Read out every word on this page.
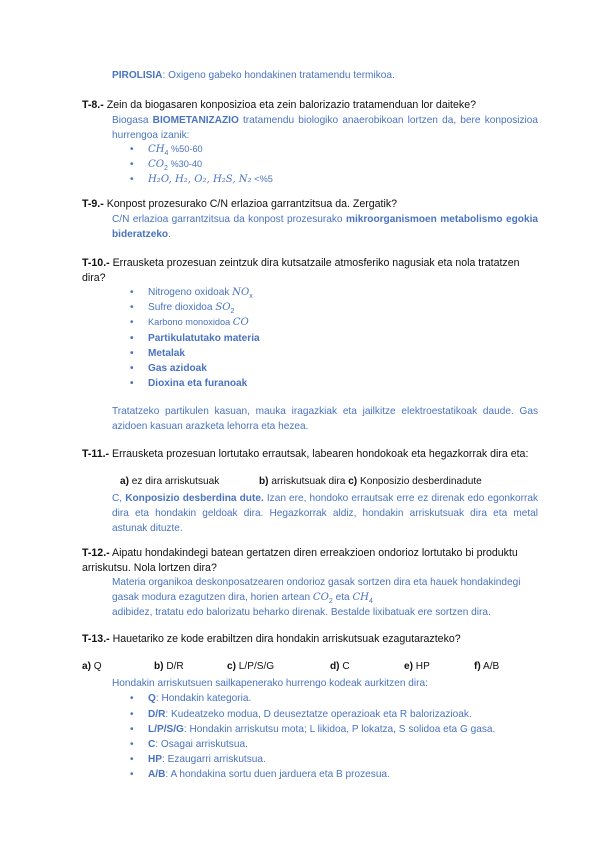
PIROLISIA: Oxigeno gabeko hondakinen tratamendu termikoa.
T-8.- Zein da biogasaren konposizioa eta zein balorizazio tratamenduan lor daiteke?
Biogasa BIOMETANIZAZIO tratamendu biologiko anaerobikoan lortzen da, bere konposizioa hurrengoa izanik:
• $CH_4$ %50-60
• $CO_2$ %30-40
• H₂O, H₂, O₂, H₂S, N₂ <%5
T-9.- Konpost prozesurako C/N erlazioa garrantzitsua da. Zergatik?
C/N erlazioa garrantzitsua da konpost prozesurako mikroorganismoen metabolismo egokia bideratzeko.
T-10.- Errausketa prozesuan zeintzuk dira kutsatzaile atmosferiko nagusiak eta nola tratatzen dira?
• Nitrogeno oxidoak $NO_x$
• Sufre dioxidoa $SO_2$
• Karbono monoxidoa CO
• Partikulatutako materia
• Metalak
• Gas azidoak
• Dioxina eta furanoak
Tratatzeko partikulen kasuan, mauka iragazkiak eta jailkitze elektroestatikoak daude. Gas azidoen kasuan arazketa lehorra eta hezea.
T-11.- Errausketa prozesuan lortutako errautsak, labearen hondokoak eta hegazkorrak dira eta:
a) ez dira arriskutsuak	b) arriskutsuak dira c) Konposizio desberdinadute
C, Konposizio desberdina dute. Izan ere, hondoko errautsak erre ez direnak edo egonkorrak dira eta hondakin geldoak dira. Hegazkorrak aldiz, hondakin arriskutsuak dira eta metal astunak dituzte.
T-12.- Aipatu hondakindegi batean gertatzen diren erreakzioen ondorioz lortutako bi produktu arriskutsu. Nola lortzen dira?
Materia organikoa deskonposatzearen ondorioz gasak sortzen dira eta hauek hondakindegi gasak modura ezagutzen dira, horien artean $CO_2$ eta $CH_4$
adibidez, tratatu edo balorizatu beharko direnak. Bestalde lixibatuak ere sortzen dira.
T-13.- Hauetariko ze kode erabiltzen dira hondakin arriskutsuak ezagutarazteko?
a) Q	b) D/R	c) L/P/S/G	d) C	e) HP	f) A/B
Hondakin arriskutsuen sailkapenerako hurrengo kodeak aurkitzen dira:
• Q: Hondakin kategoria.
• D/R: Kudeatzeko modua, D deuseztatze operazioak eta R balorizazioak.
• L/P/S/G: Hondakin arriskutsu mota; L likidoa, P lokatza, S solidoa eta G gasa.
• C: Osagai arriskutsua.
• HP: Ezaugarri arriskutsua.
• A/B: A hondakina sortu duen jarduera eta B prozesua.
